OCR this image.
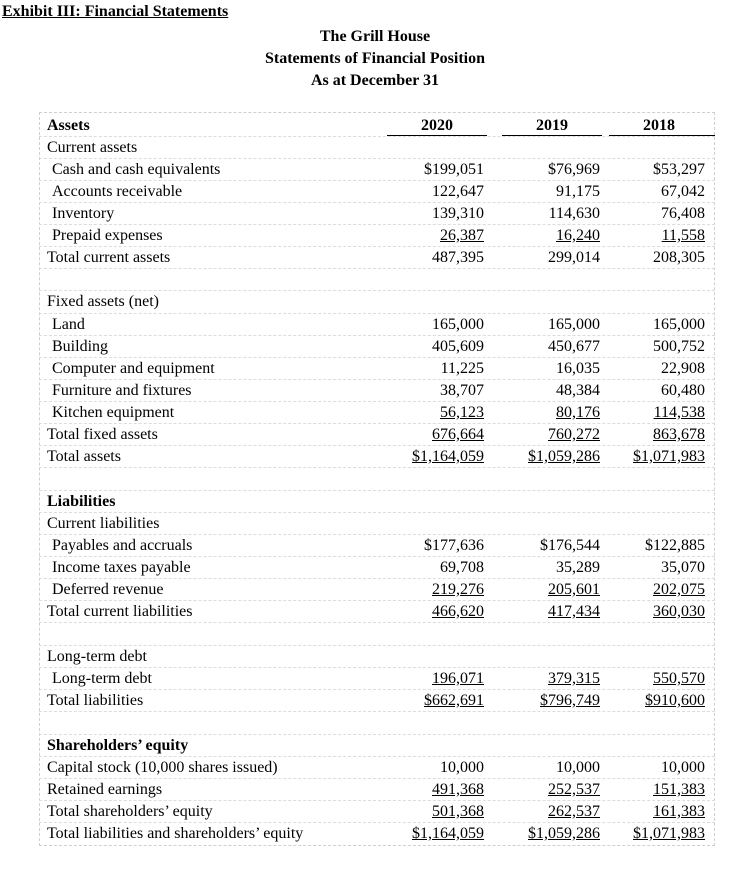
Exhibit III: Financial Statements
The Grill House
Statements of Financial Position
As at December 31
Assets	2020	2019	2018
Current assets
Cash and cash equivalents	$199,051	$76,969	$53,297
Accounts receivable	122,647	91,175	67,042
Inventory	139,310	114,630	76,408
Prepaid expenses	26,387	16,240	11,558
Total current assets	487,395	299,014	208,305
Fixed assets (net)
Land	165,000	165,000	165,000
Building	405,609	450,677	500,752
Computer and equipment	11,225	16,035	22,908
Furniture and fixtures	38,707	48,384	60,480
Kitchen equipment	56,123	80,176	114,538
Total fixed assets	676,664	760,272	863,678
Total assets	$1,164,059	$1,059,286 $1,071,983
Liabilities
Current liabilities
Payables and accruals	$177,636	$176,544	$122,885
Income taxes payable	69,708	35,289	35,070
Deferred revenue	219,276	205,601	202,075
Total current liabilities	466,620	417,434	360,030
Long-term debt
Long-term debt	196,071	379,315	550,570
Total liabilities	$662,691	$796,749	$910,600
Shareholders’ equity
Capital stock (10,000 shares issued)	10,000	10,000	10,000
Retained earnings	491,368	252,537	151,383
Total shareholders’ equity	501,368	262,537	161,383
Total liabilities and shareholders’ equity	$1,164,059	$1,059,286 $1,071,983
